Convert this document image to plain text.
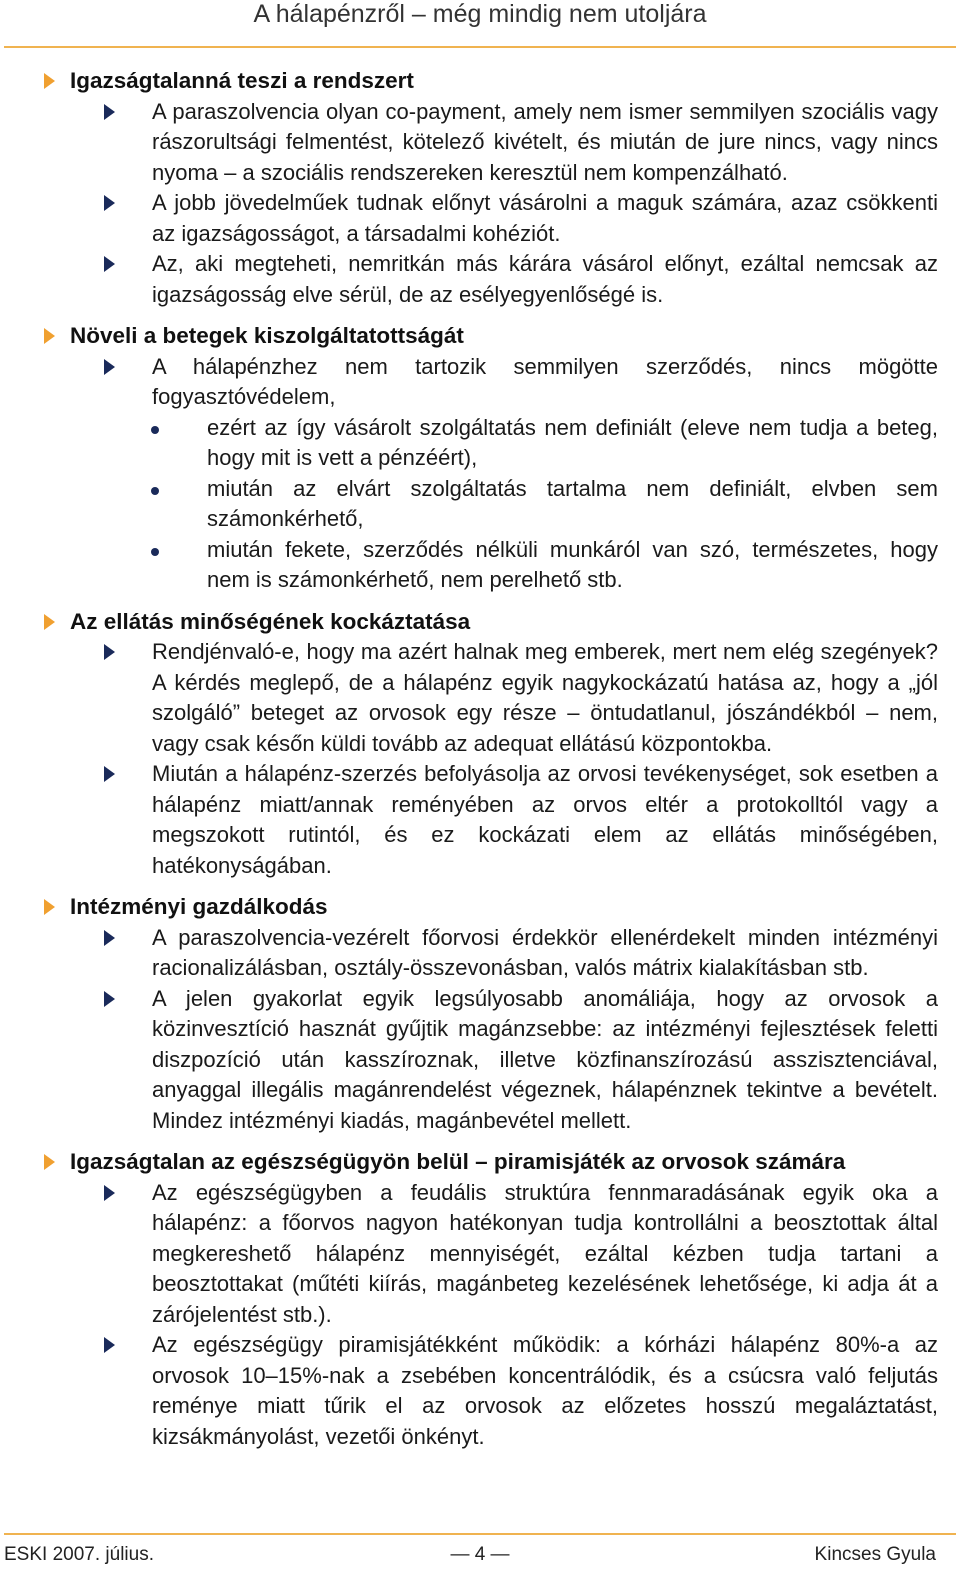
A hálapénzről – még mindig nem utoljára
Igazságtalanná teszi a rendszert
A paraszolvencia olyan co-payment, amely nem ismer semmilyen szociális vagy rászorultsági felmentést, kötelező kivételt, és miután de jure nincs, vagy nincs nyoma – a szociális rendszereken keresztül nem kompenzálható.
A jobb jövedelműek tudnak előnyt vásárolni a maguk számára, azaz csökkenti az igazságosságot, a társadalmi kohéziót.
Az, aki megteheti, nemritkán más kárára vásárol előnyt, ezáltal nemcsak az igazságosság elve sérül, de az esélyegyenlőségé is.
Növeli a betegek kiszolgáltatottságát
A hálapénzhez nem tartozik semmilyen szerződés, nincs mögötte fogyasztóvédelem,
ezért az így vásárolt szolgáltatás nem definiált (eleve nem tudja a beteg, hogy mit is vett a pénzéért),
miután az elvárt szolgáltatás tartalma nem definiált, elvben sem számonkérhető,
miután fekete, szerződés nélküli munkáról van szó, természetes, hogy nem is számonkérhető, nem perelhető stb.
Az ellátás minőségének kockáztatása
Rendjénvaló-e, hogy ma azért halnak meg emberek, mert nem elég szegények? A kérdés meglepő, de a hálapénz egyik nagykockázatú hatása az, hogy a „jól szolgáló” beteget az orvosok egy része – öntudatlanul, jószándékból – nem, vagy csak későn küldi tovább az adequat ellátású központokba.
Miután a hálapénz-szerzés befolyásolja az orvosi tevékenységet, sok esetben a hálapénz miatt/annak reményében az orvos eltér a protokolltól vagy a megszokott rutintól, és ez kockázati elem az ellátás minőségében, hatékonyságában.
Intézményi gazdálkodás
A paraszolvencia-vezérelt főorvosi érdekkör ellenérdekelt minden intézményi racionalizálásban, osztály-összevonásban, valós mátrix kialakításban stb.
A jelen gyakorlat egyik legsúlyosabb anomáliája, hogy az orvosok a közinvesztíció hasznát gyűjtik magánzsebbe: az intézményi fejlesztések feletti diszpozíció után kasszíroznak, illetve közfinanszírozású asszisztenciával, anyaggal illegális magánrendelést végeznek, hálapénznek tekintve a bevételt. Mindez intézményi kiadás, magánbevétel mellett.
Igazságtalan az egészségügyön belül – piramisjáték az orvosok számára
Az egészségügyben a feudális struktúra fennmaradásának egyik oka a hálapénz: a főorvos nagyon hatékonyan tudja kontrollálni a beosztottak által megkereshető hálapénz mennyiségét, ezáltal kézben tudja tartani a beosztottakat (műtéti kiírás, magánbeteg kezelésének lehetősége, ki adja át a zárójelentést stb.).
Az egészségügy piramisjátékként működik: a kórházi hálapénz 80%-a az orvosok 10–15%-nak a zsebében koncentrálódik, és a csúcsra való feljutás reménye miatt tűrik el az orvosok az előzetes hosszú megaláztatást, kizsákmányolást, vezetői önkényt.
ESKI 2007. július.	— 4 —	Kincses Gyula
